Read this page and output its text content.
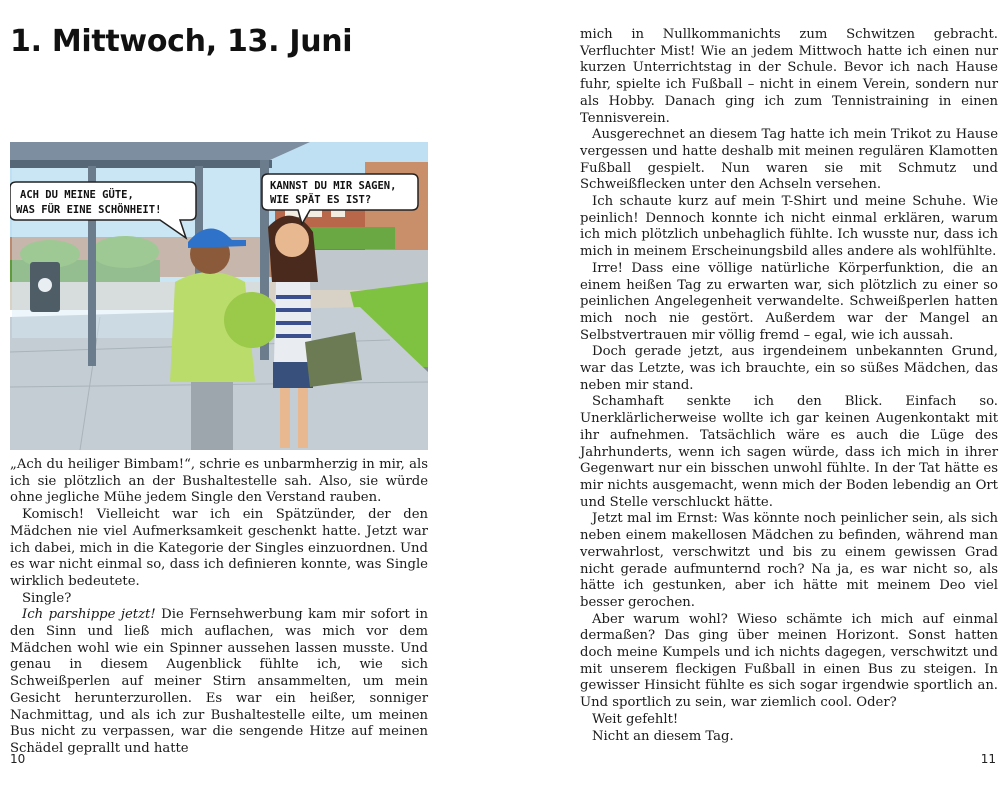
1. Mittwoch, 13. Juni
ACH DU MEINE GÜTE,
WAS FÜR EINE SCHÖNHEIT!
KANNST DU MIR SAGEN,
WIE SPÄT ES IST?

„Ach du heiliger Bimbam!“, schrie es unbarmherzig in mir, als ich sie plötzlich an der Bushaltestelle sah. Also, sie würde ohne jegliche Mühe jedem Single den Verstand rauben.

Komisch! Vielleicht war ich ein Spätzünder, der den Mädchen nie viel Aufmerksamkeit geschenkt hatte. Jetzt war ich dabei, mich in die Kategorie der Singles einzuordnen. Und es war nicht einmal so, dass ich definieren konnte, was Single wirklich bedeutete.

Single?

Ich parshippe jetzt! Die Fernsehwerbung kam mir sofort in den Sinn und ließ mich auflachen, was mich vor dem Mädchen wohl wie ein Spinner aussehen lassen musste. Und genau in diesem Augenblick fühlte ich, wie sich Schweißperlen auf meiner Stirn ansammelten, um mein Gesicht herunterzurollen. Es war ein heißer, sonniger Nachmittag, und als ich zur Bushaltestelle eilte, um meinen Bus nicht zu verpassen, war die sengende Hitze auf meinen Schädel geprallt und hatte

10

mich in Nullkommanichts zum Schwitzen gebracht. Verfluchter Mist! Wie an jedem Mittwoch hatte ich einen nur kurzen Unterrichtstag in der Schule. Bevor ich nach Hause fuhr, spielte ich Fußball – nicht in einem Verein, sondern nur als Hobby. Danach ging ich zum Tennistraining in einen Tennisverein.

Ausgerechnet an diesem Tag hatte ich mein Trikot zu Hause vergessen und hatte deshalb mit meinen regulären Klamotten Fußball gespielt. Nun waren sie mit Schmutz und Schweißflecken unter den Achseln versehen.

Ich schaute kurz auf mein T-Shirt und meine Schuhe. Wie peinlich! Dennoch konnte ich nicht einmal erklären, warum ich mich plötzlich unbehaglich fühlte. Ich wusste nur, dass ich mich in meinem Erscheinungsbild alles andere als wohlfühlte.

Irre! Dass eine völlige natürliche Körperfunktion, die an einem heißen Tag zu erwarten war, sich plötzlich zu einer so peinlichen Angelegenheit verwandelte. Schweißperlen hatten mich noch nie gestört. Außerdem war der Mangel an Selbstvertrauen mir völlig fremd – egal, wie ich aussah.

Doch gerade jetzt, aus irgendeinem unbekannten Grund, war das Letzte, was ich brauchte, ein so süßes Mädchen, das neben mir stand.

Schamhaft senkte ich den Blick. Einfach so. Unerklärlicherweise wollte ich gar keinen Augenkontakt mit ihr aufnehmen. Tatsächlich wäre es auch die Lüge des Jahrhunderts, wenn ich sagen würde, dass ich mich in ihrer Gegenwart nur ein bisschen unwohl fühlte. In der Tat hätte es mir nichts ausgemacht, wenn mich der Boden lebendig an Ort und Stelle verschluckt hätte.

Jetzt mal im Ernst: Was könnte noch peinlicher sein, als sich neben einem makellosen Mädchen zu befinden, während man verwahrlost, verschwitzt und bis zu einem gewissen Grad nicht gerade aufmunternd roch? Na ja, es war nicht so, als hätte ich gestunken, aber ich hätte mit meinem Deo viel besser gerochen.

Aber warum wohl? Wieso schämte ich mich auf einmal dermaßen? Das ging über meinen Horizont. Sonst hatten doch meine Kumpels und ich nichts dagegen, verschwitzt und mit unserem fleckigen Fußball in einen Bus zu steigen. In gewisser Hinsicht fühlte es sich sogar irgendwie sportlich an. Und sportlich zu sein, war ziemlich cool. Oder?

Weit gefehlt!

Nicht an diesem Tag.

11
